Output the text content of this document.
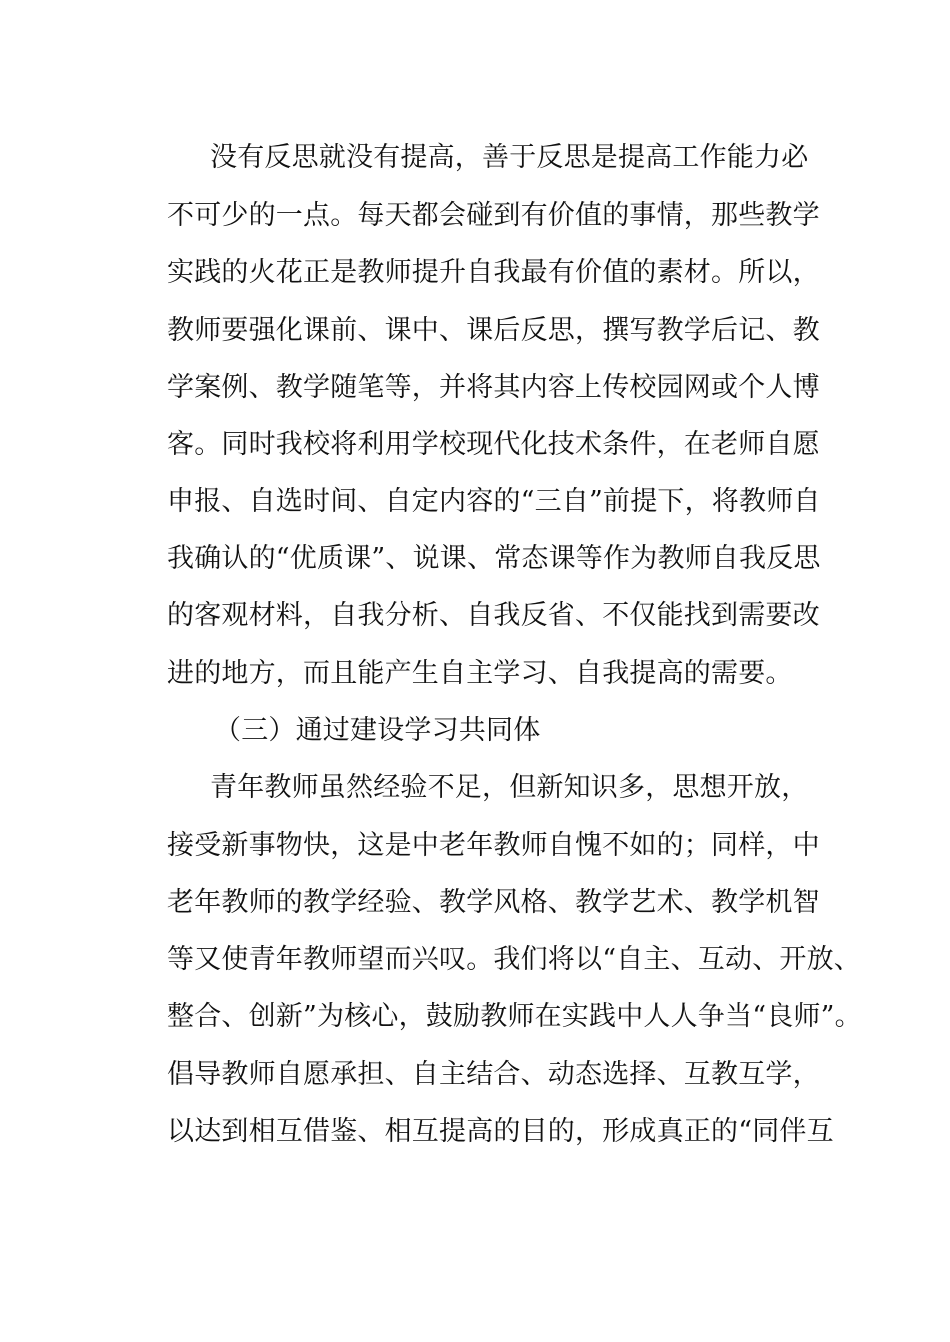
没有反思就没有提高，善于反思是提高工作能力必
不可少的一点。每天都会碰到有价值的事情，那些教学
实践的火花正是教师提升自我最有价值的素材。所以，
教师要强化课前、课中、课后反思，撰写教学后记、教
学案例、教学随笔等，并将其内容上传校园网或个人博
客。同时我校将利用学校现代化技术条件，在老师自愿
申报、自选时间、自定内容的“三自”前提下，将教师自
我确认的“优质课”、说课、常态课等作为教师自我反思
的客观材料，自我分析、自我反省、不仅能找到需要改
进的地方，而且能产生自主学习、自我提高的需要。
（三）通过建设学习共同体
青年教师虽然经验不足，但新知识多，思想开放，
接受新事物快，这是中老年教师自愧不如的；同样，中
老年教师的教学经验、教学风格、教学艺术、教学机智
等又使青年教师望而兴叹。我们将以“自主、互动、开放、
整合、创新”为核心，鼓励教师在实践中人人争当“良师”。
倡导教师自愿承担、自主结合、动态选择、互教互学，
以达到相互借鉴、相互提高的目的，形成真正的“同伴互
